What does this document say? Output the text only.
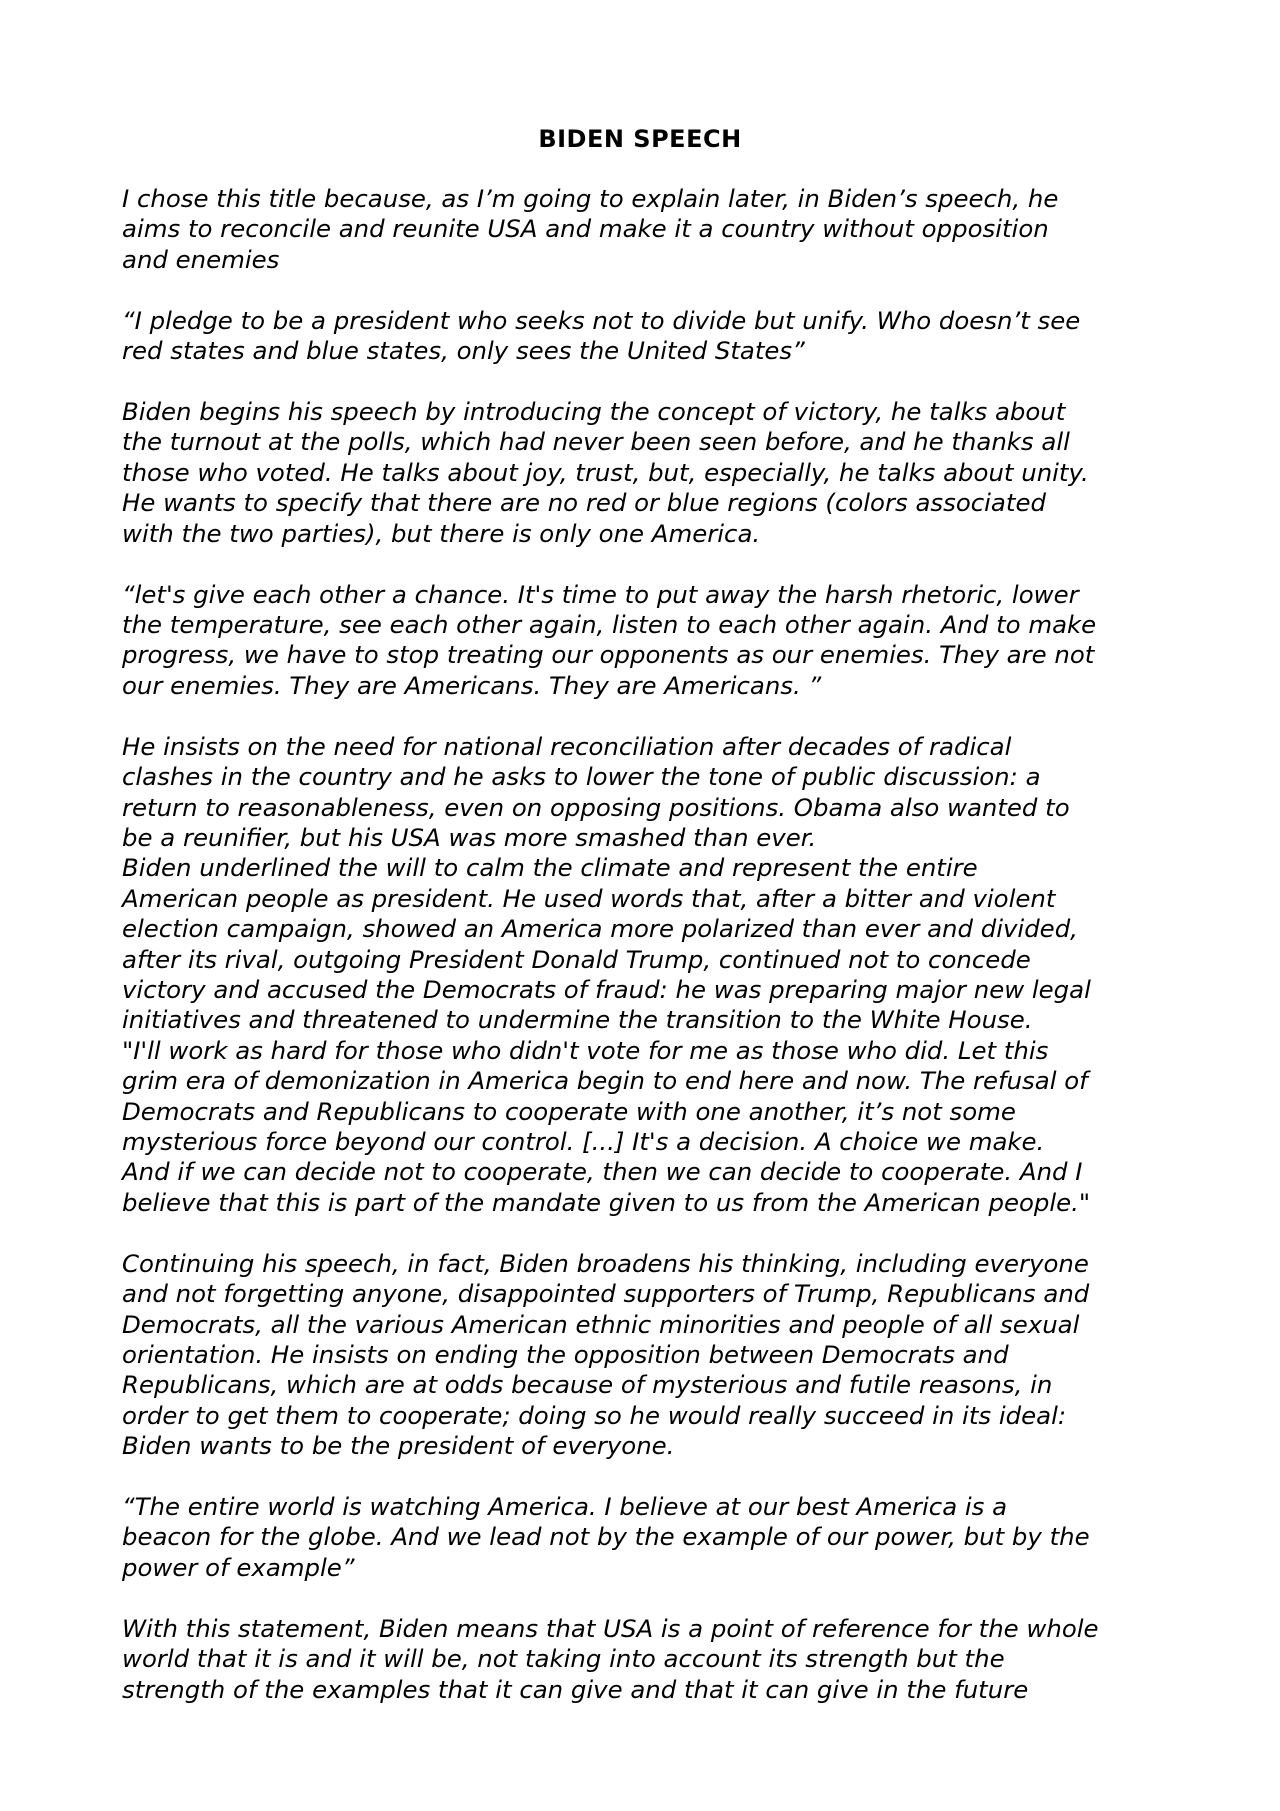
BIDEN SPEECH

I chose this title because, as I’m going to explain later, in Biden’s speech, he
aims to reconcile and reunite USA and make it a country without opposition
and enemies

“I pledge to be a president who seeks not to divide but unify. Who doesn’t see
red states and blue states, only sees the United States”

Biden begins his speech by introducing the concept of victory, he talks about
the turnout at the polls, which had never been seen before, and he thanks all
those who voted. He talks about joy, trust, but, especially, he talks about unity.
He wants to specify that there are no red or blue regions (colors associated
with the two parties), but there is only one America.

“let's give each other a chance. It's time to put away the harsh rhetoric, lower
the temperature, see each other again, listen to each other again. And to make
progress, we have to stop treating our opponents as our enemies. They are not
our enemies. They are Americans. They are Americans. ”

He insists on the need for national reconciliation after decades of radical
clashes in the country and he asks to lower the tone of public discussion: a
return to reasonableness, even on opposing positions. Obama also wanted to
be a reunifier, but his USA was more smashed than ever.

Biden underlined the will to calm the climate and represent the entire
American people as president. He used words that, after a bitter and violent
election campaign, showed an America more polarized than ever and divided,
after its rival, outgoing President Donald Trump, continued not to concede
victory and accused the Democrats of fraud: he was preparing major new legal
initiatives and threatened to undermine the transition to the White House.

"I'll work as hard for those who didn't vote for me as those who did. Let this
grim era of demonization in America begin to end here and now. The refusal of
Democrats and Republicans to cooperate with one another, it’s not some
mysterious force beyond our control. [...] It's a decision. A choice we make.
And if we can decide not to cooperate, then we can decide to cooperate. And I
believe that this is part of the mandate given to us from the American people."

Continuing his speech, in fact, Biden broadens his thinking, including everyone
and not forgetting anyone, disappointed supporters of Trump, Republicans and
Democrats, all the various American ethnic minorities and people of all sexual
orientation. He insists on ending the opposition between Democrats and
Republicans, which are at odds because of mysterious and futile reasons, in
order to get them to cooperate; doing so he would really succeed in its ideal:
Biden wants to be the president of everyone.

“The entire world is watching America. I believe at our best America is a
beacon for the globe. And we lead not by the example of our power, but by the
power of example”

With this statement, Biden means that USA is a point of reference for the whole
world that it is and it will be, not taking into account its strength but the
strength of the examples that it can give and that it can give in the future
